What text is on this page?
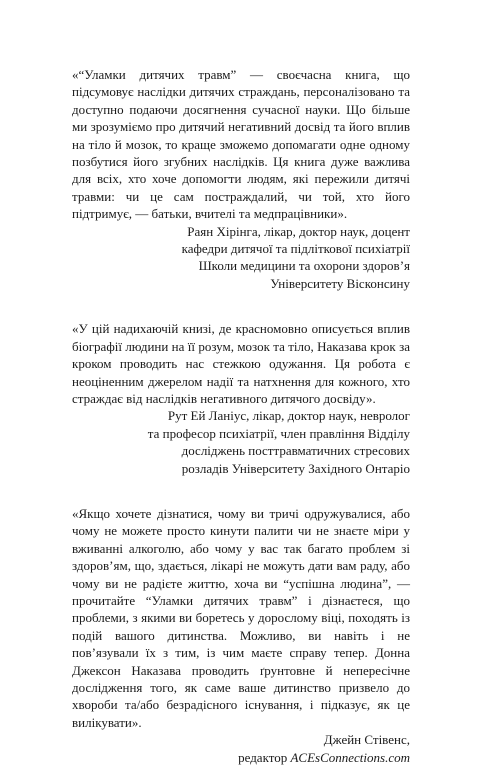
«“Уламки дитячих травм” — своєчасна книга, що підсумовує наслідки дитячих страждань, персоналізовано та доступно подаючи досягнення сучасної науки. Що більше ми зрозуміємо про дитячий негативний досвід та його вплив на тіло й мозок, то краще зможемо допомагати одне одному позбутися його згубних наслідків. Ця книга дуже важлива для всіх, хто хоче допомогти людям, які пережили дитячі травми: чи це сам постраждалий, чи той, хто його підтримує, — батьки, вчителі та медпрацівники».

Раян Хірінга, лікар, доктор наук, доцент
кафедри дитячої та підліткової психіатрії
Школи медицини та охорони здоров’я
Університету Вісконсину

«У цій надихаючій книзі, де красномовно описується вплив біографії людини на її розум, мозок та тіло, Наказава крок за кроком проводить нас стежкою одужання. Ця робота є неоціненним джерелом надії та натхнення для кожного, хто страждає від наслідків негативного дитячого досвіду».

Рут Ей Ланіус, лікар, доктор наук, невролог
та професор психіатрії, член правління Відділу
досліджень посттравматичних стресових
розладів Університету Західного Онтаріо

«Якщо хочете дізнатися, чому ви тричі одружувалися, або чому не можете просто кинути палити чи не знаєте міри у вживанні алкоголю, або чому у вас так багато проблем зі здоров’ям, що, здається, лікарі не можуть дати вам раду, або чому ви не радієте життю, хоча ви “успішна людина”, — прочитайте “Уламки дитячих травм” і дізнаєтеся, що проблеми, з якими ви боретесь у дорослому віці, походять із подій вашого дитинства. Можливо, ви навіть і не пов’язували їх з тим, із чим маєте справу тепер. Донна Джексон Наказава проводить ґрунтовне й непересічне дослідження того, як саме ваше дитинство призвело до хвороби та/або безрадісного існування, і підказує, як це вилікувати».

Джейн Стівенс,
редактор ACEsConnections.com
